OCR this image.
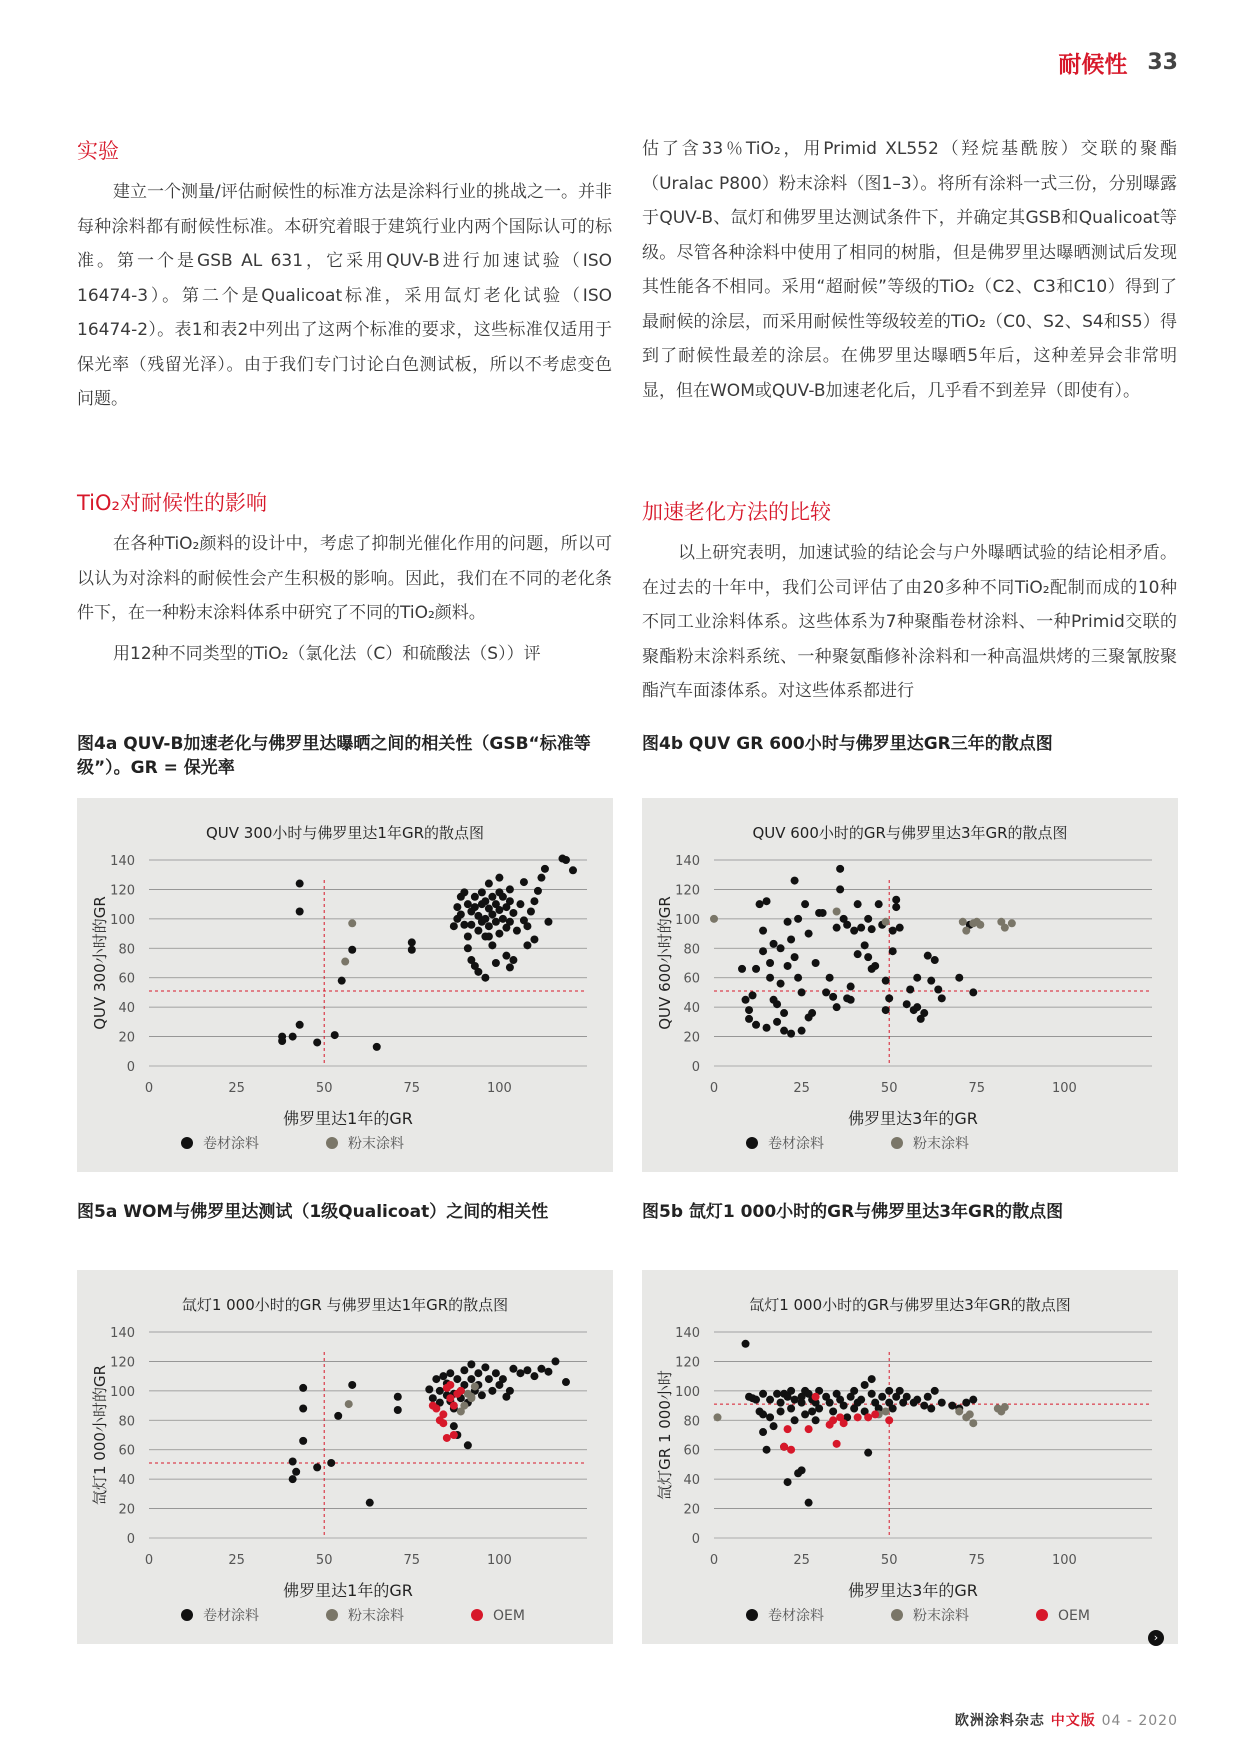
耐候性 33
实验

建立一个测量/评估耐候性的标准方法是涂料行业的挑战之一。并非每种涂料都有耐候性标准。本研究着眼于建筑行业内两个国际认可的标准。第一个是GSB AL 631，它采用QUV-B进行加速试验（ISO 16474-3）。第二个是Qualicoat标准，采用氙灯老化试验（ISO 16474-2）。表1和表2中列出了这两个标准的要求，这些标准仅适用于保光率（残留光泽）。由于我们专门讨论白色测试板，所以不考虑变色问题。

TiO₂对耐候性的影响

在各种TiO₂颜料的设计中，考虑了抑制光催化作用的问题，所以可以认为对涂料的耐候性会产生积极的影响。因此，我们在不同的老化条件下，在一种粉末涂料体系中研究了不同的TiO₂颜料。

用12种不同类型的TiO₂（氯化法（C）和硫酸法（S））评

估了含33％TiO₂，用Primid XL552（羟烷基酰胺）交联的聚酯（Uralac P800）粉末涂料（图1–3）。将所有涂料一式三份，分别曝露于QUV-B、氙灯和佛罗里达测试条件下，并确定其GSB和Qualicoat等级。尽管各种涂料中使用了相同的树脂，但是佛罗里达曝晒测试后发现其性能各不相同。采用“超耐候”等级的TiO₂（C2、C3和C10）得到了最耐候的涂层，而采用耐候性等级较差的TiO₂（C0、S2、S4和S5）得到了耐候性最差的涂层。在佛罗里达曝晒5年后，这种差异会非常明显，但在WOM或QUV-B加速老化后，几乎看不到差异（即使有）。

加速老化方法的比较

以上研究表明，加速试验的结论会与户外曝晒试验的结论相矛盾。在过去的十年中，我们公司评估了由20多种不同TiO₂配制而成的10种不同工业涂料体系。这些体系为7种聚酯卷材涂料、一种Primid交联的聚酯粉末涂料系统、一种聚氨酯修补涂料和一种高温烘烤的三聚氰胺聚酯汽车面漆体系。对这些体系都进行

图4a QUV-B加速老化与佛罗里达曝晒之间的相关性（GSB“标准等级”）。GR = 保光率
图4b QUV GR 600小时与佛罗里达GR三年的散点图
图5a WOM与佛罗里达测试（1级Qualicoat）之间的相关性	图5b 氙灯1 000小时的GR与佛罗里达3年GR的散点图
QUV 300小时与佛罗里达1年GR的散点图
0
20
40
60
80
100
120
140
0	25	50	75	100
佛罗里达1年的GR
QUV 300小时的GR
卷材涂料	粉末涂料
QUV 600小时的GR与佛罗里达3年GR的散点图
0
20
40
60
80
100
120
140
0	25	50	75	100
佛罗里达3年的GR
QUV 600小时的GR
卷材涂料	粉末涂料
氙灯1 000小时的GR 与佛罗里达1年GR的散点图
0
20
40
60
80
100
120
140
0	25	50	75	100
佛罗里达1年的GR
氙灯1 000小时的GR
卷材涂料	粉末涂料	OEM
氙灯1 000小时的GR与佛罗里达3年GR的散点图
0
20
40
60
80
100
120
140
0	25	50	75	100
佛罗里达3年的GR
氙灯GR 1 000小时
卷材涂料	粉末涂料	OEM
›
欧洲涂料杂志 中文版 04 - 2020
